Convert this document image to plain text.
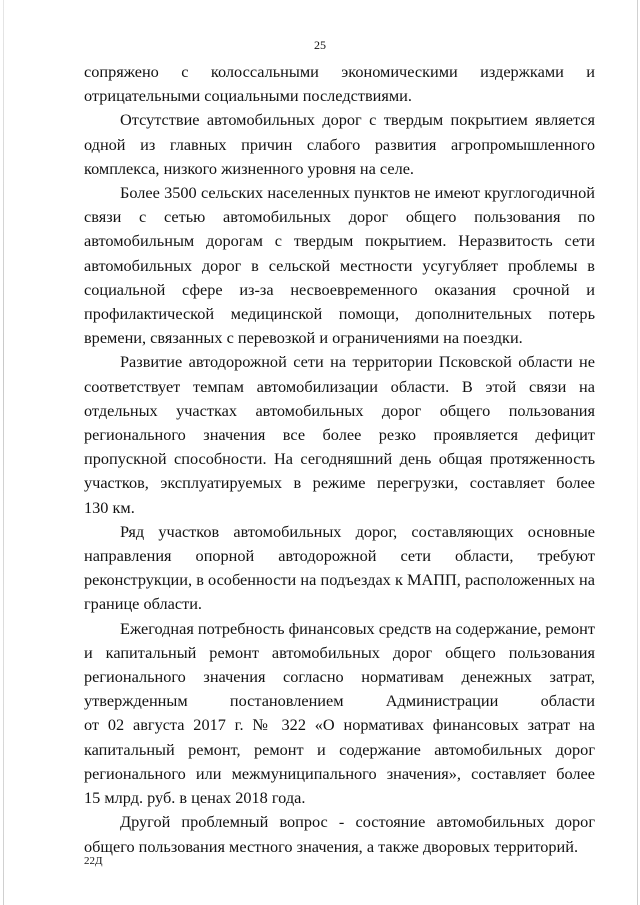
25
сопряжено с колоссальными экономическими издержками и
отрицательными социальными последствиями.
Отсутствие автомобильных дорог с твердым покрытием является
одной из главных причин слабого развития агропромышленного
комплекса, низкого жизненного уровня на селе.
Более 3500 сельских населенных пунктов не имеют круглогодичной
связи с сетью автомобильных дорог общего пользования по
автомобильным дорогам с твердым покрытием. Неразвитость сети
автомобильных дорог в сельской местности усугубляет проблемы в
социальной сфере из-за несвоевременного оказания срочной и
профилактической медицинской помощи, дополнительных потерь
времени, связанных с перевозкой и ограничениями на поездки.
Развитие автодорожной сети на территории Псковской области не
соответствует темпам автомобилизации области. В этой связи на
отдельных участках автомобильных дорог общего пользования
регионального значения все более резко проявляется дефицит
пропускной способности. На сегодняшний день общая протяженность
участков, эксплуатируемых в режиме перегрузки, составляет более
130 км.
Ряд участков автомобильных дорог, составляющих основные
направления опорной автодорожной сети области, требуют
реконструкции, в особенности на подъездах к МАПП, расположенных на
границе области.
Ежегодная потребность финансовых средств на содержание, ремонт
и капитальный ремонт автомобильных дорог общего пользования
регионального значения согласно нормативам денежных затрат,
утвержденным постановлением Администрации области
от 02 августа 2017 г. № 322 «О нормативах финансовых затрат на
капитальный ремонт, ремонт и содержание автомобильных дорог
регионального или межмуниципального значения», составляет более
15 млрд. руб. в ценах 2018 года.
Другой проблемный вопрос - состояние автомобильных дорог
общего пользования местного значения, а также дворовых территорий.
22Д
